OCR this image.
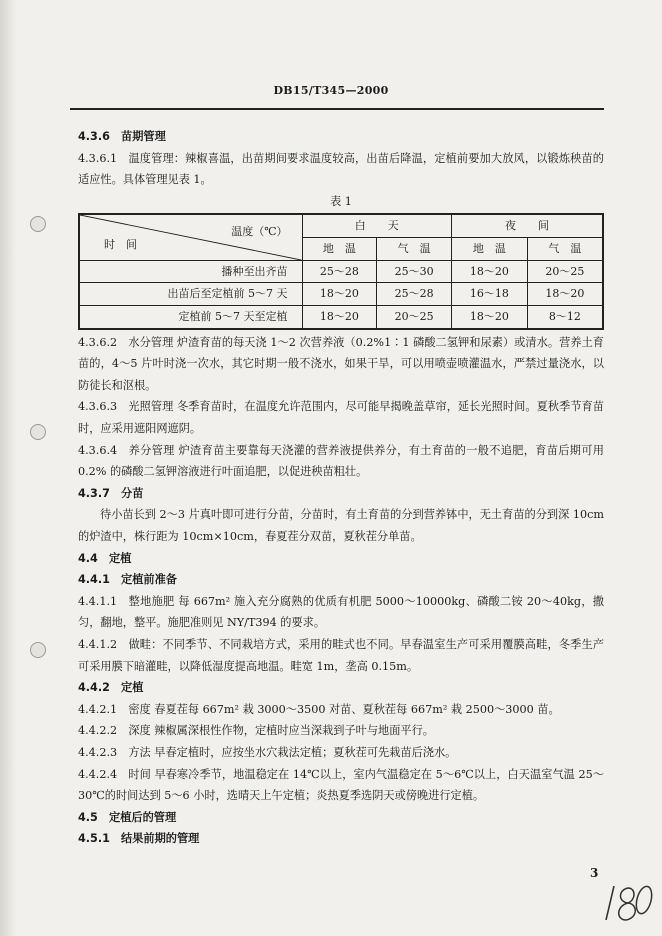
DB15/T345—2000

4.3.6  苗期管理

4.3.6.1  温度管理：辣椒喜温，出苗期间要求温度较高，出苗后降温，定植前要加大放风，以锻炼秧苗的适应性。具体管理见表 1。

表 1

温度（℃）
时　间	白　　天		夜　　间	
	地　温	气　温	地　温	气　温
播种至出齐苗	25～28	25～30	18～20	20～25
出苗后至定植前 5～7 天	18～20	25～28	16～18	18～20
定植前 5～7 天至定植	18～20	20～25	18～20	8～12

4.3.6.2  水分管理 炉渣育苗的每天浇 1～2 次营养液（0.2%1∶1 磷酸二氢钾和尿素）或清水。营养土育苗的，4～5 片叶时浇一次水，其它时期一般不浇水，如果干旱，可以用喷壶喷灌温水，严禁过量浇水，以防徒长和沤根。

4.3.6.3  光照管理 冬季育苗时，在温度允许范围内，尽可能早揭晚盖草帘，延长光照时间。夏秋季节育苗时，应采用遮阳网遮阴。

4.3.6.4  养分管理 炉渣育苗主要靠每天浇灌的营养液提供养分，有土育苗的一般不追肥，育苗后期可用 0.2% 的磷酸二氢钾溶液进行叶面追肥，以促进秧苗粗壮。

4.3.7  分苗

待小苗长到 2～3 片真叶即可进行分苗，分苗时，有土育苗的分到营养钵中，无土育苗的分到深 10cm 的炉渣中，株行距为 10cm×10cm，春夏茬分双苗，夏秋茬分单苗。

4.4  定植

4.4.1  定植前准备

4.4.1.1  整地施肥 每 667m² 施入充分腐熟的优质有机肥 5000～10000kg、磷酸二铵 20～40kg，撒匀，翻地，整平。施肥准则见 NY/T394 的要求。

4.4.1.2  做畦：不同季节、不同栽培方式，采用的畦式也不同。早春温室生产可采用覆膜高畦，冬季生产可采用膜下暗灌畦，以降低湿度提高地温。畦宽 1m，垄高 0.15m。

4.4.2  定植

4.4.2.1  密度 春夏茬每 667m² 栽 3000～3500 对苗、夏秋茬每 667m² 栽 2500～3000 苗。

4.4.2.2  深度 辣椒属深根性作物，定植时应当深栽到子叶与地面平行。

4.4.2.3  方法 早春定植时，应按坐水穴栽法定植；夏秋茬可先栽苗后浇水。

4.4.2.4  时间 早春寒冷季节，地温稳定在 14℃以上，室内气温稳定在 5～6℃以上，白天温室气温 25～30℃的时间达到 5～6 小时，选晴天上午定植；炎热夏季选阴天或傍晚进行定植。

4.5  定植后的管理

4.5.1  结果前期的管理

3
